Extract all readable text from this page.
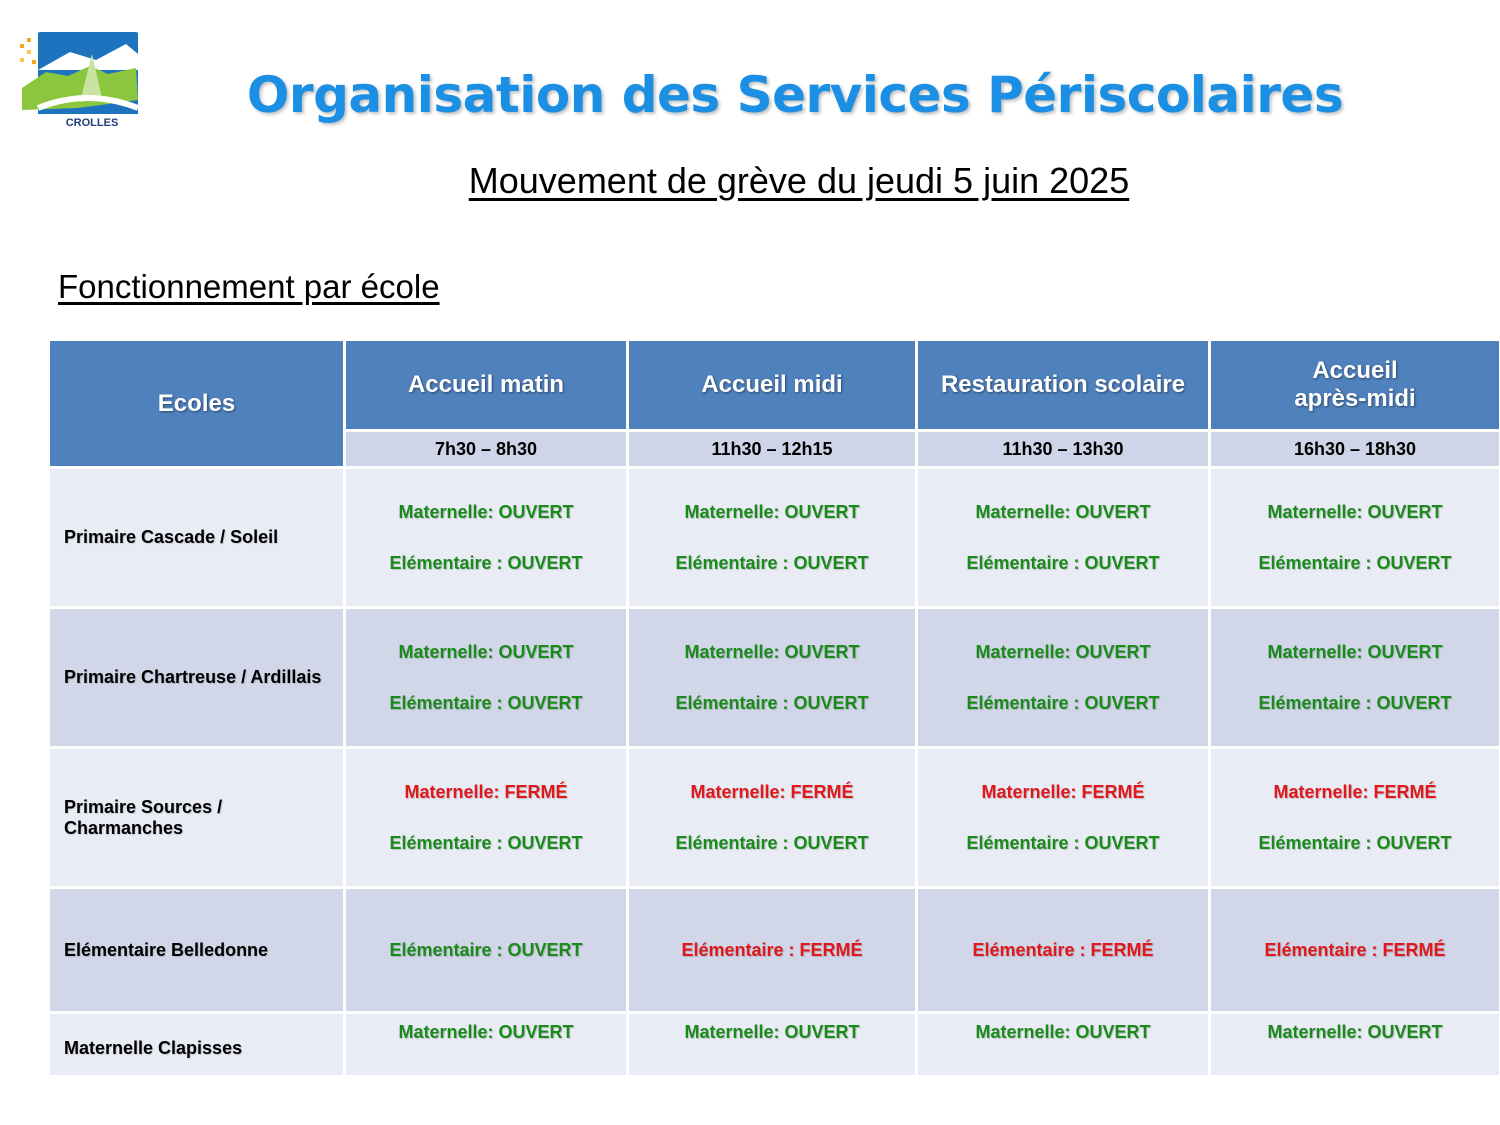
CROLLES	Organisation des Services Périscolaires
Mouvement de grève du jeudi 5 juin 2025
Fonctionnement par école
Ecoles	Accueil matin	Accueil midi	Restauration scolaire	Accueil
après-midi
	7h30 – 8h30	11h30 – 12h15	11h30 – 13h30	16h30 – 18h30
Primaire Cascade / Soleil	Maternelle: OUVERT
Elémentaire : OUVERT	Maternelle: OUVERT
Elémentaire : OUVERT	Maternelle: OUVERT
Elémentaire : OUVERT	Maternelle: OUVERT
Elémentaire : OUVERT

Primaire Chartreuse / Ardillais	Maternelle: OUVERT
Elémentaire : OUVERT	Maternelle: OUVERT
Elémentaire : OUVERT	Maternelle: OUVERT
Elémentaire : OUVERT	Maternelle: OUVERT
Elémentaire : OUVERT

Primaire Sources /
Charmanches	Maternelle: FERMÉ
Elémentaire : OUVERT	Maternelle: FERMÉ
Elémentaire : OUVERT	Maternelle: FERMÉ
Elémentaire : OUVERT	Maternelle: FERMÉ
Elémentaire : OUVERT

Elémentaire Belledonne	Elémentaire : OUVERT	Elémentaire : FERMÉ	Elémentaire : FERMÉ	Elémentaire : FERMÉ

Maternelle Clapisses	Maternelle: OUVERT	Maternelle: OUVERT	Maternelle: OUVERT	Maternelle: OUVERT
